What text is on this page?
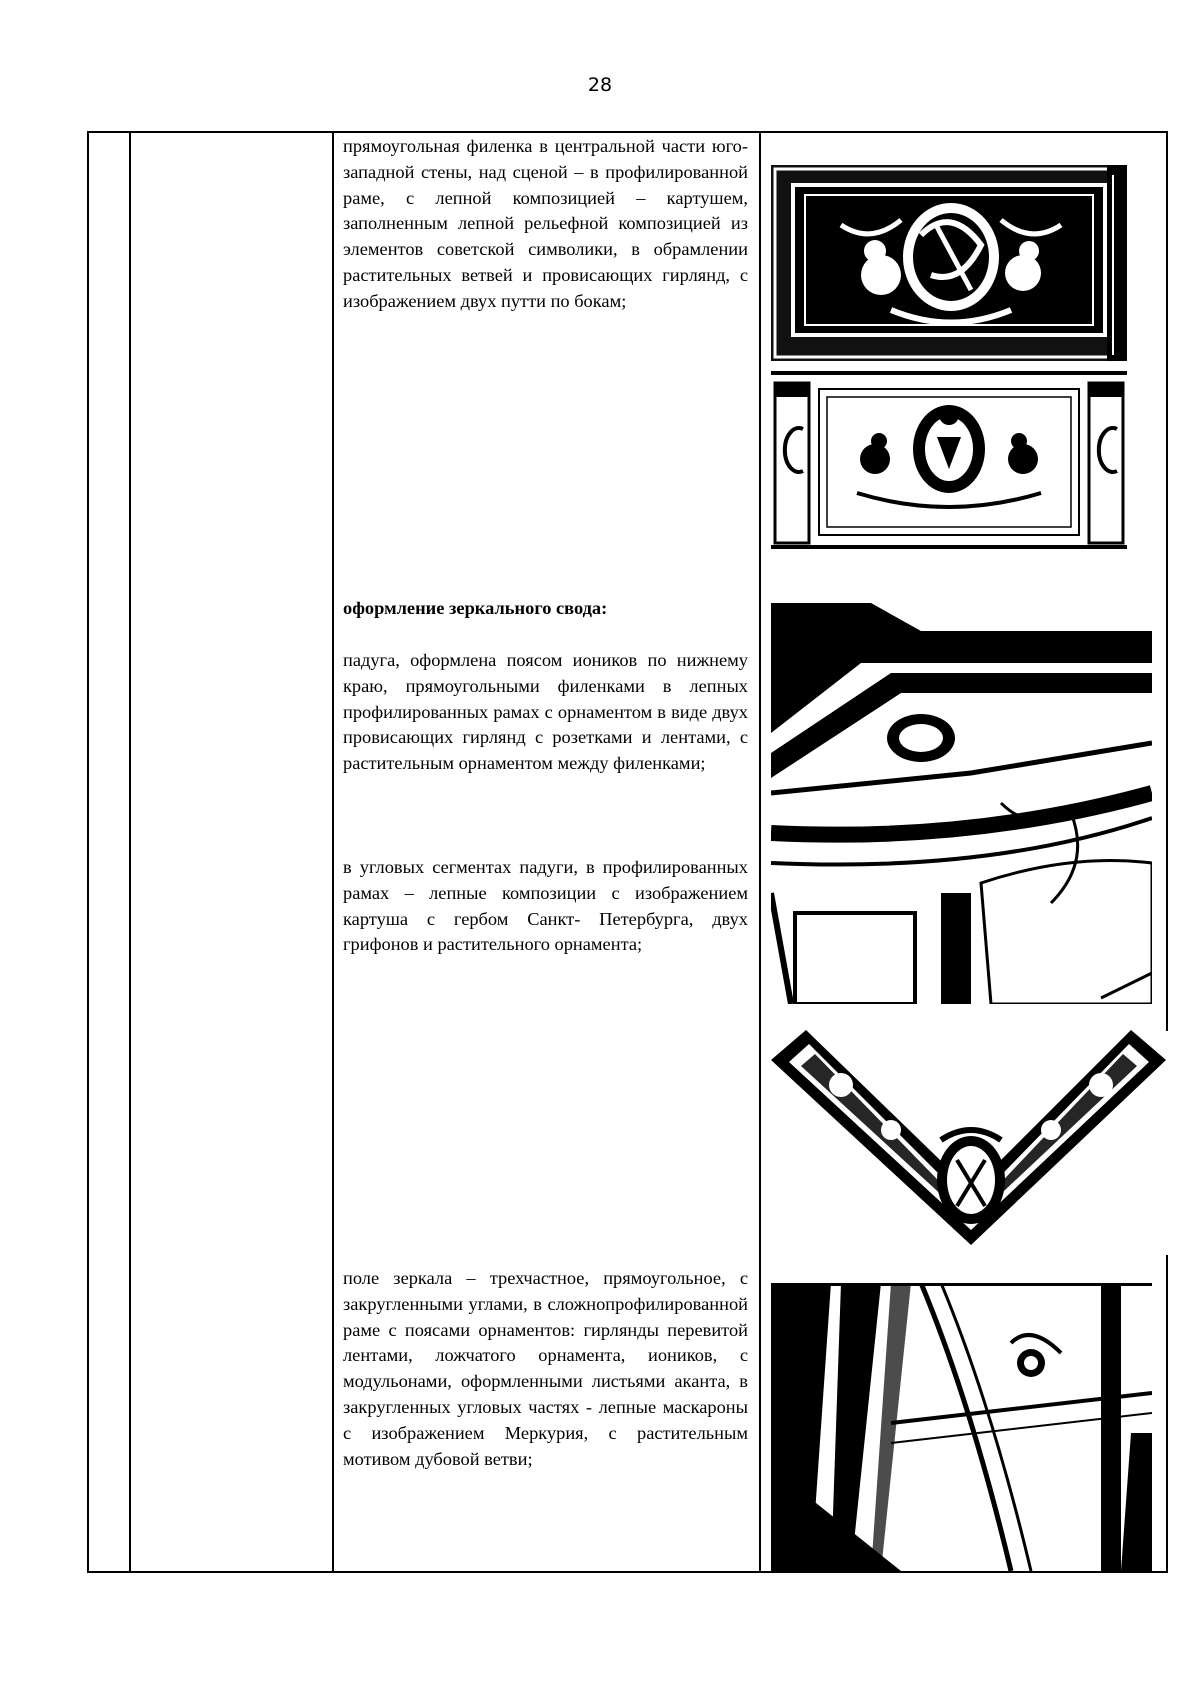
28

прямоугольная филенка в центральной части юго-западной стены, над сценой – в профилированной раме, с лепной композицией – картушем, заполненным лепной рельефной композицией из элементов советской символики, в обрамлении растительных ветвей и провисающих гирлянд, с изображением двух путти по бокам;

оформление зеркального свода:

падуга, оформлена поясом иоников по нижнему краю, прямоугольными филенками в лепных профилированных рамах с орнаментом в виде двух провисающих гирлянд с розетками и лентами, с растительным орнаментом между филенками;

в угловых сегментах падуги, в профилированных рамах – лепные композиции с изображением картуша с гербом Санкт- Петербурга, двух грифонов и растительного орнамента;

поле зеркала – трехчастное, прямоугольное, с закругленными углами, в сложнопрофилированной раме с поясами орнаментов: гирлянды перевитой лентами, ложчатого орнамента, иоников, с модульонами, оформленными листьями аканта, в закругленных угловых частях - лепные маскароны с изображением Меркурия, с растительным мотивом дубовой ветви;
